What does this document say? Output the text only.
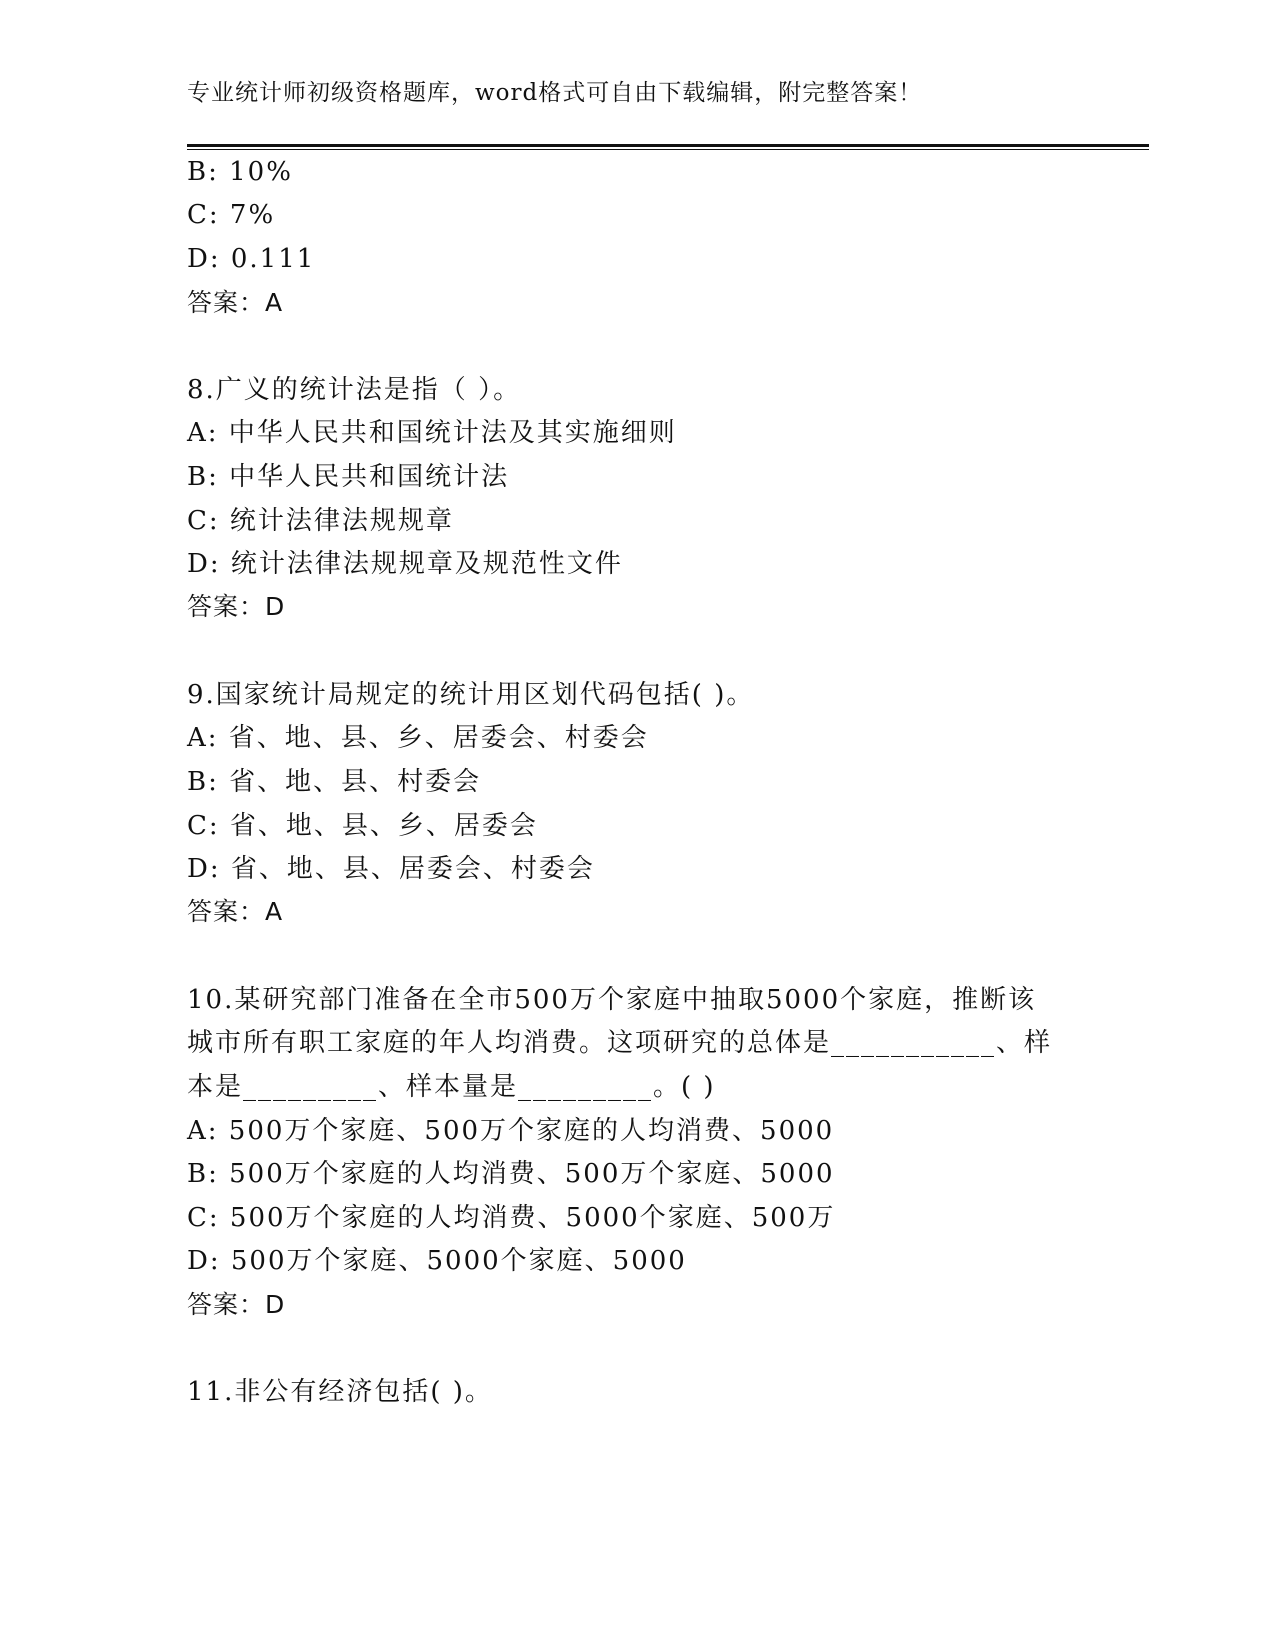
专业统计师初级资格题库，word格式可自由下载编辑，附完整答案！
B: 10%
C: 7%
D: 0.111
答案：A
8.广义的统计法是指（ ）。
A: 中华人民共和国统计法及其实施细则
B: 中华人民共和国统计法
C: 统计法律法规规章
D: 统计法律法规规章及规范性文件
答案：D
9.国家统计局规定的统计用区划代码包括( )。
A: 省、地、县、乡、居委会、村委会
B: 省、地、县、村委会
C: 省、地、县、乡、居委会
D: 省、地、县、居委会、村委会
答案：A
10.某研究部门准备在全市500万个家庭中抽取5000个家庭，推断该
城市所有职工家庭的年人均消费。这项研究的总体是___________、样
本是_________、样本量是_________。( )
A: 500万个家庭、500万个家庭的人均消费、5000
B: 500万个家庭的人均消费、500万个家庭、5000
C: 500万个家庭的人均消费、5000个家庭、500万
D: 500万个家庭、5000个家庭、5000
答案：D
11.非公有经济包括( )。
